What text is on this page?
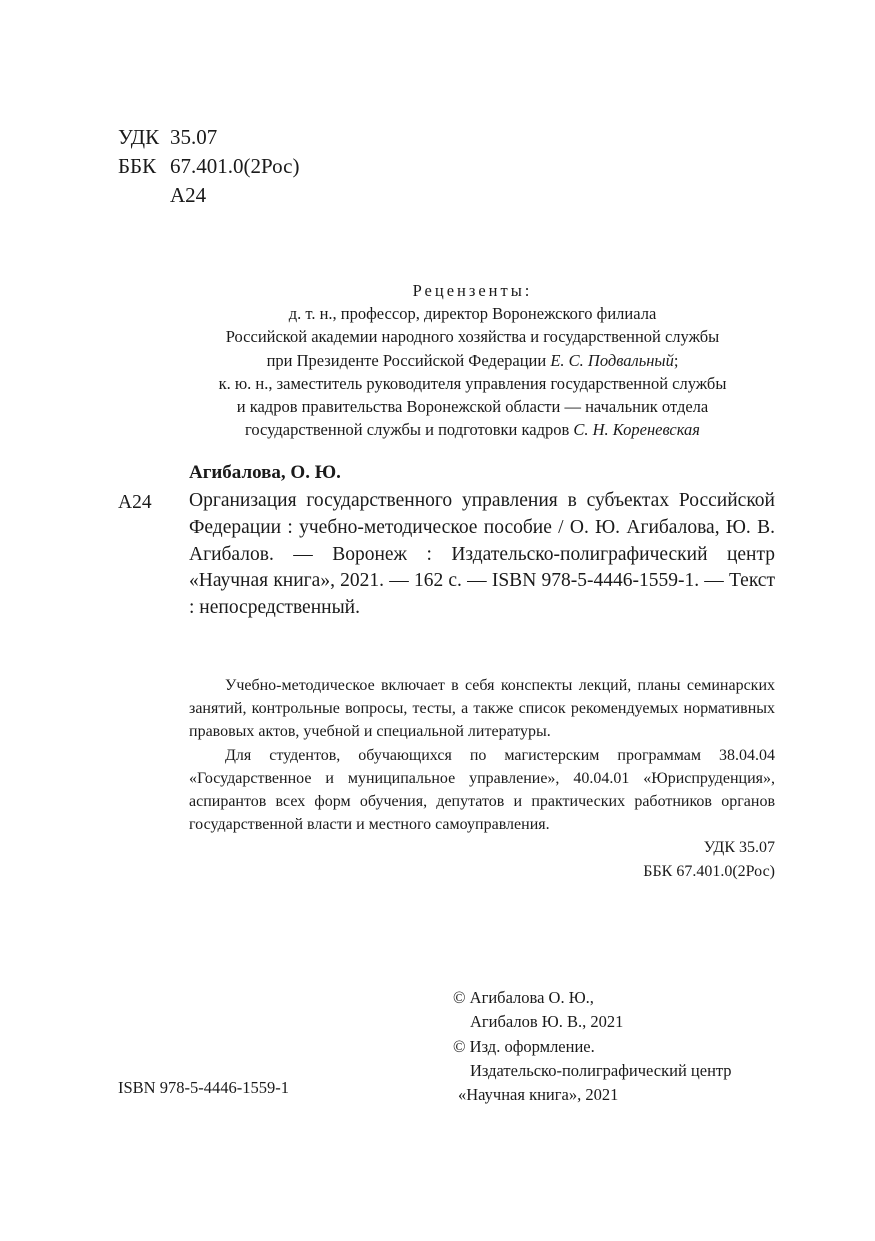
УДК 35.07
ББК 67.401.0(2Рос)
А24
Рецензенты:
д. т. н., профессор, директор Воронежского филиала
Российской академии народного хозяйства и государственной службы
при Президенте Российской Федерации Е. С. Подвальный;
к. ю. н., заместитель руководителя управления государственной службы
и кадров правительства Воронежской области — начальник отдела
государственной службы и подготовки кадров С. Н. Кореневская
Агибалова, О. Ю.
А24 Организация государственного управления в субъектах Российской Федерации : учебно-методическое пособие / О. Ю. Агибалова, Ю. В. Агибалов. — Воронеж : Издательско-полиграфический центр «Научная книга», 2021. — 162 с. — ISBN 978-5-4446-1559-1. — Текст : непосредственный.

Учебно-методическое включает в себя конспекты лекций, планы семинарских занятий, контрольные вопросы, тесты, а также список рекомендуемых нормативных правовых актов, учебной и специальной литературы.

Для студентов, обучающихся по магистерским программам 38.04.04 «Государственное и муниципальное управление», 40.04.01 «Юриспруденция», аспирантов всех форм обучения, депутатов и практических работников органов государственной власти и местного самоуправления.

УДК 35.07

ББК 67.401.0(2Рос)

© Агибалова О. Ю.,
Агибалов Ю. В., 2021
© Изд. оформление.
Издательско-полиграфический центр
«Научная книга», 2021
ISBN 978-5-4446-1559-1
